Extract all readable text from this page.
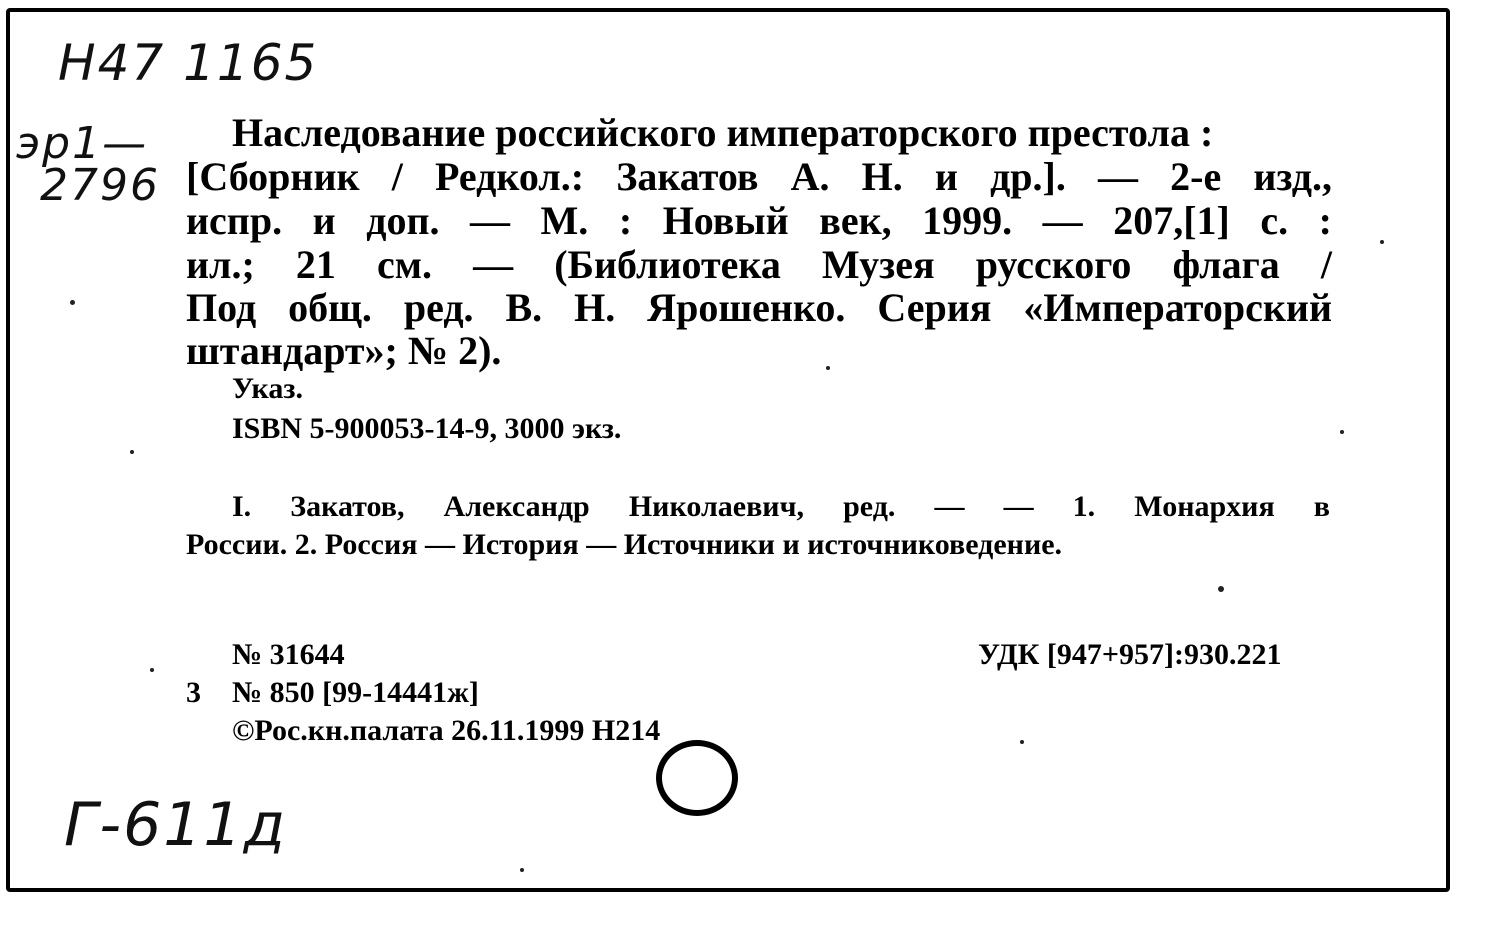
Н47 1165
эр1—
2796
Г-611д
Наследование российского императорского престола :
[Сборник / Редкол.: Закатов А. Н. и др.]. — 2-е изд.,
испр. и доп. — М. : Новый век, 1999. — 207,[1] с. :
ил.; 21 см. — (Библиотека Музея русского флага /
Под общ. ред. В. Н. Ярошенко. Серия «Императорский
штандарт»; № 2).
Указ.
ISBN 5-900053-14-9, 3000 экз.
I. Закатов, Александр Николаевич, ред. — — 1. Монархия в
России. 2. Россия — История — Источники и источниковедение.
№ 31644	УДК [947+957]:930.221
3 № 850 [99-14441ж]
©Рос.кн.палата 26.11.1999 Н214
